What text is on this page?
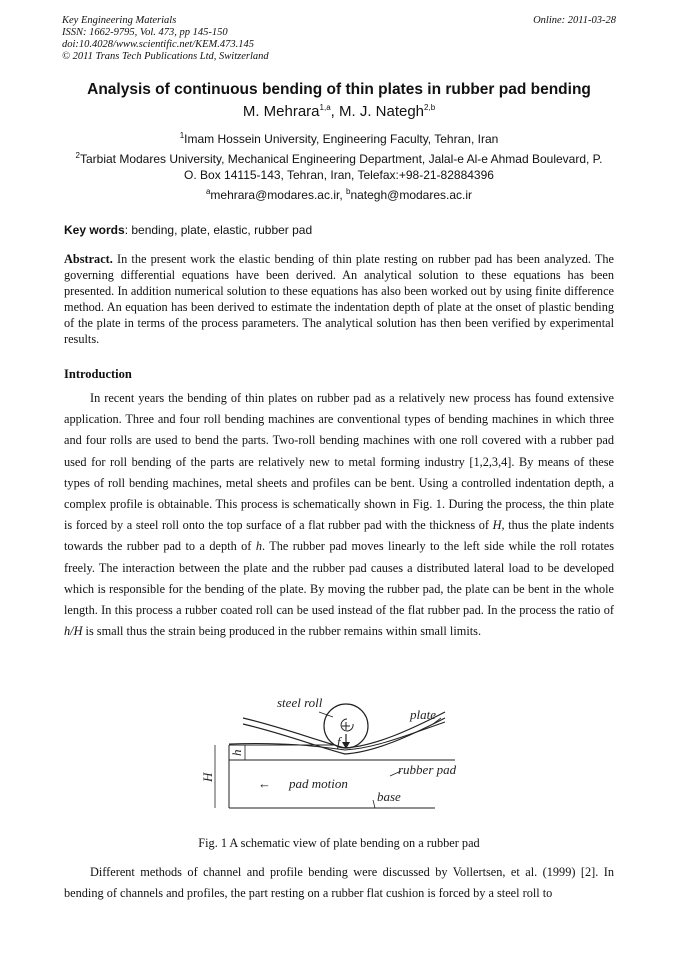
Key Engineering Materials
ISSN: 1662-9795, Vol. 473, pp 145-150
doi:10.4028/www.scientific.net/KEM.473.145
© 2011 Trans Tech Publications Ltd, Switzerland
Online: 2011-03-28
Analysis of continuous bending of thin plates in rubber pad bending
M. Mehrara$^{1,a}$, M. J. Nategh$^{2,b}$
$^1$Imam Hossein University, Engineering Faculty, Tehran, Iran
$^2$Tarbiat Modares University, Mechanical Engineering Department, Jalal-e Al-e Ahmad Boulevard, P.
O. Box 14115-143, Tehran, Iran, Telefax:+98-21-82884396
$^a$mehrara@modares.ac.ir, $^b$nategh@modares.ac.ir
Key words: bending, plate, elastic, rubber pad
Abstract. In the present work the elastic bending of thin plate resting on rubber pad has been analyzed. The governing differential equations have been derived. An analytical solution to these equations has been presented. In addition numerical solution to these equations has also been worked out by using finite difference method. An equation has been derived to estimate the indentation depth of plate at the onset of plastic bending of the plate in terms of the process parameters. The analytical solution has then been verified by experimental results.
Introduction

In recent years the bending of thin plates on rubber pad as a relatively new process has found extensive application. Three and four roll bending machines are conventional types of bending machines in which three and four rolls are used to bend the parts. Two-roll bending machines with one roll covered with a rubber pad used for roll bending of the parts are relatively new to metal forming industry [1,2,3,4]. By means of these types of roll bending machines, metal sheets and profiles can be bent. Using a controlled indentation depth, a complex profile is obtainable. This process is schematically shown in Fig. 1. During the process, the thin plate is forced by a steel roll onto the top surface of a flat rubber pad with the thickness of H, thus the plate indents towards the rubber pad to a depth of h. The rubber pad moves linearly to the left side while the roll rotates freely. The interaction between the plate and the rubber pad causes a distributed lateral load to be developed which is responsible for the bending of the plate. By moving the rubber pad, the plate can be bent in the whole length. In this process a rubber coated roll can be used instead of the flat rubber pad. In the process the ratio of h/H is small thus the strain being produced in the rubber remains within small limits.

steel roll
plate
rubber pad
← pad motion
base
H
h
f
Fig. 1 A schematic view of plate bending on a rubber pad

Different methods of channel and profile bending were discussed by Vollertsen, et al. (1999) [2]. In bending of channels and profiles, the part resting on a rubber flat cushion is forced by a steel roll to
